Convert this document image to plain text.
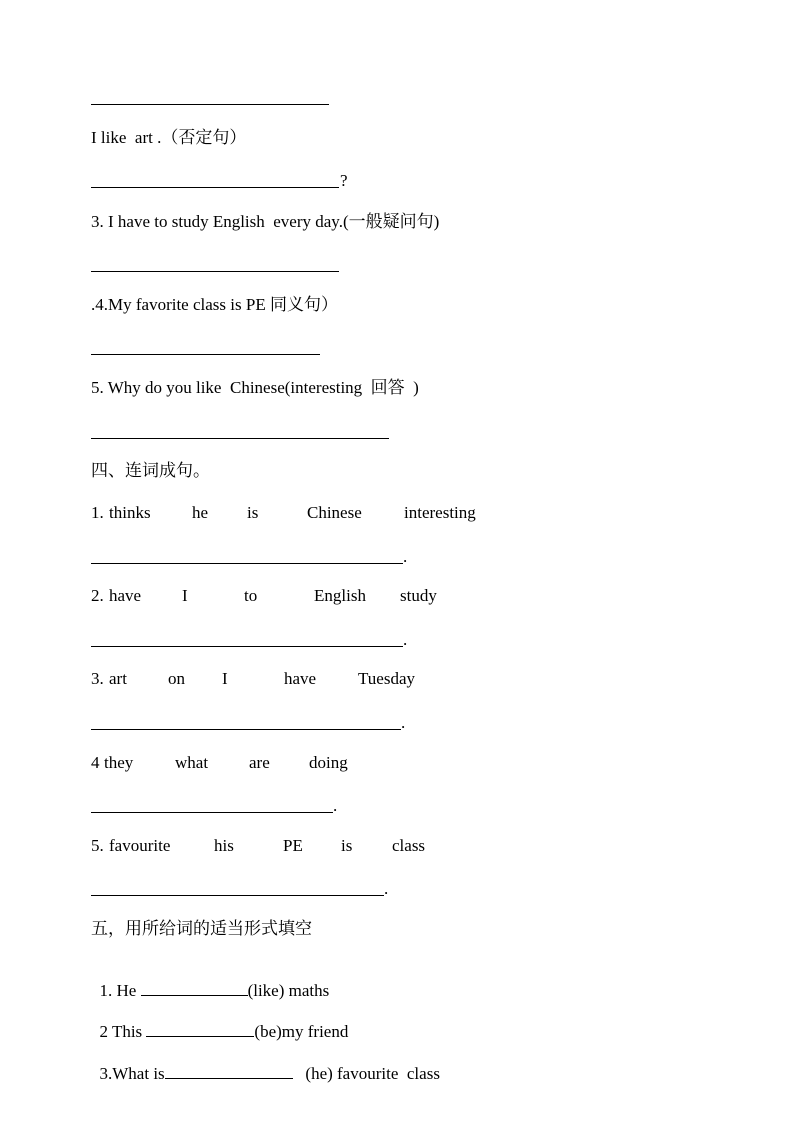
I like  art .（否定句）
?
3. I have to study English  every day.(一般疑问句)
.4.My favorite class is PE 同义句）
5. Why do you like  Chinese(interesting  回答  )
四、连词成句。

1.

thinks

he

is

	Chinese

interesting

.

2.

have

I

	to

	English

study

.

3.

art

on

I

	have

Tuesday

.

4

they

what

are

doing

.

5.

favourite

	his

	PE

is

class

.
五，用所给词的适当形式填空

1. He	(like) maths

2 This	(be)my friend

3.What is	(he) favourite  class
